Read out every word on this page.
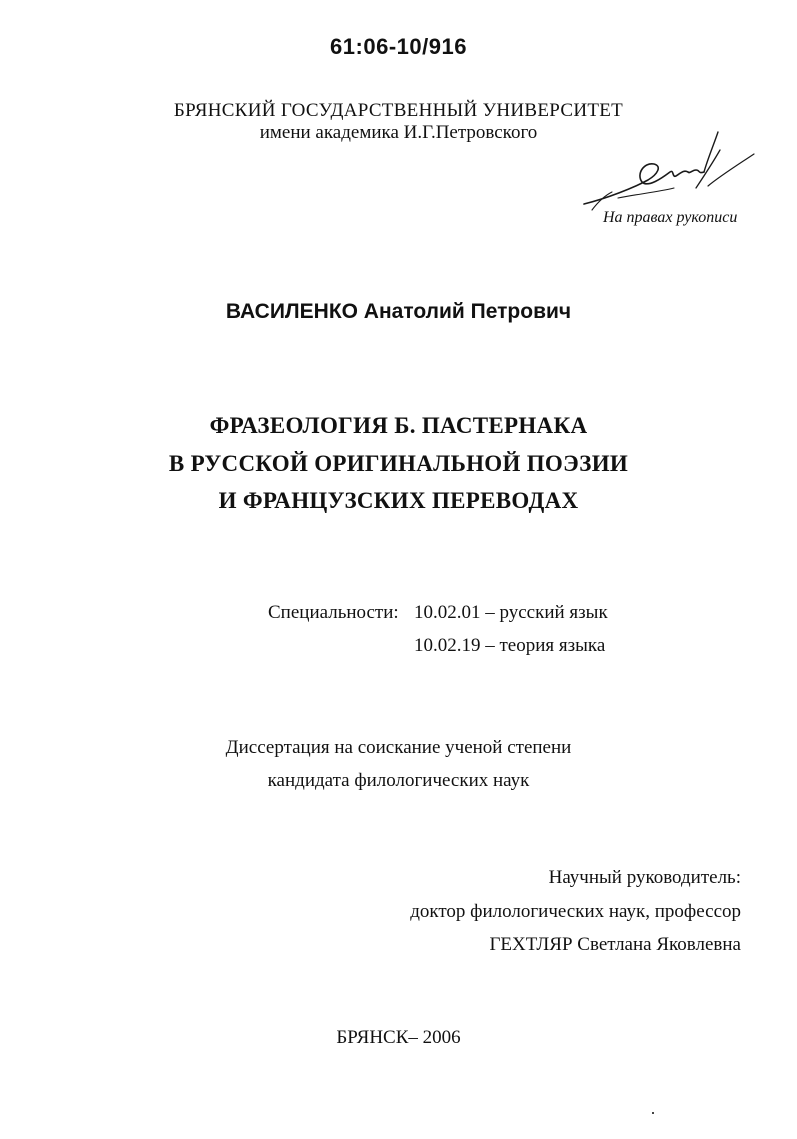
61:06-10/916
БРЯНСКИЙ ГОСУДАРСТВЕННЫЙ УНИВЕРСИТЕТ
имени академика И.Г.Петровского
На правах рукописи
ВАСИЛЕНКО Анатолий Петрович
ФРАЗЕОЛОГИЯ Б. ПАСТЕРНАКА
В РУССКОЙ ОРИГИНАЛЬНОЙ ПОЭЗИИ
И ФРАНЦУЗСКИХ ПЕРЕВОДАХ
Специальности: 10.02.01 – русский язык
10.02.19 – теория языка
Диссертация на соискание ученой степени
кандидата филологических наук
Научный руководитель:
доктор филологических наук, профессор
ГЕХТЛЯР Светлана Яковлевна
БРЯНСК– 2006
